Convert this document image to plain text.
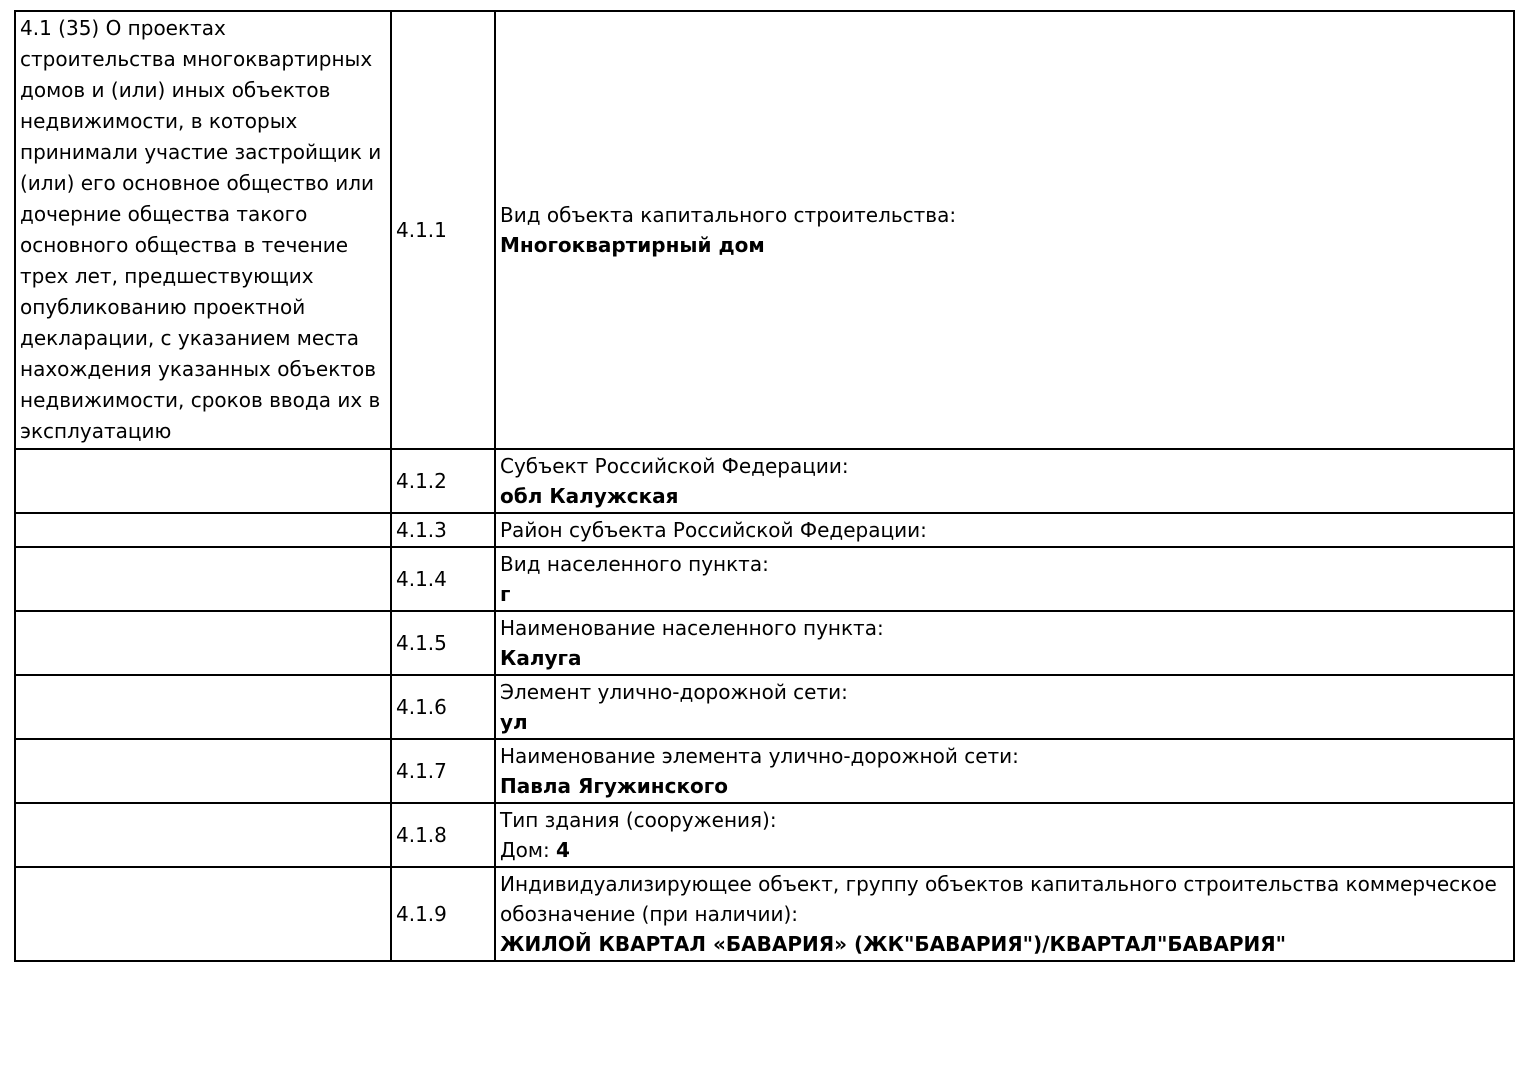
4.1 (35) О проектах строительства многоквартирных домов и (или) иных объектов недвижимости, в которых принимали участие застройщик и (или) его основное общество или дочерние общества такого основного общества в течение трех лет, предшествующих опубликованию проектной декларации, с указанием места нахождения указанных объектов недвижимости, сроков ввода их в эксплуатацию	4.1.1	Вид объекта капитального строительства:
Многоквартирный дом

	4.1.2	Субъект Российской Федерации:
обл Калужская

	4.1.3	Район субъекта Российской Федерации:

	4.1.4	Вид населенного пункта:
г

	4.1.5	Наименование населенного пункта:
Калуга

	4.1.6	Элемент улично-дорожной сети:
ул

	4.1.7	Наименование элемента улично-дорожной сети:
Павла Ягужинского

	4.1.8	Тип здания (сооружения):
Дом: 4

	4.1.9	Индивидуализирующее объект, группу объектов капитального строительства коммерческое обозначение (при наличии):
ЖИЛОЙ КВАРТАЛ «БАВАРИЯ» (ЖК"БАВАРИЯ")/КВАРТАЛ"БАВАРИЯ"
